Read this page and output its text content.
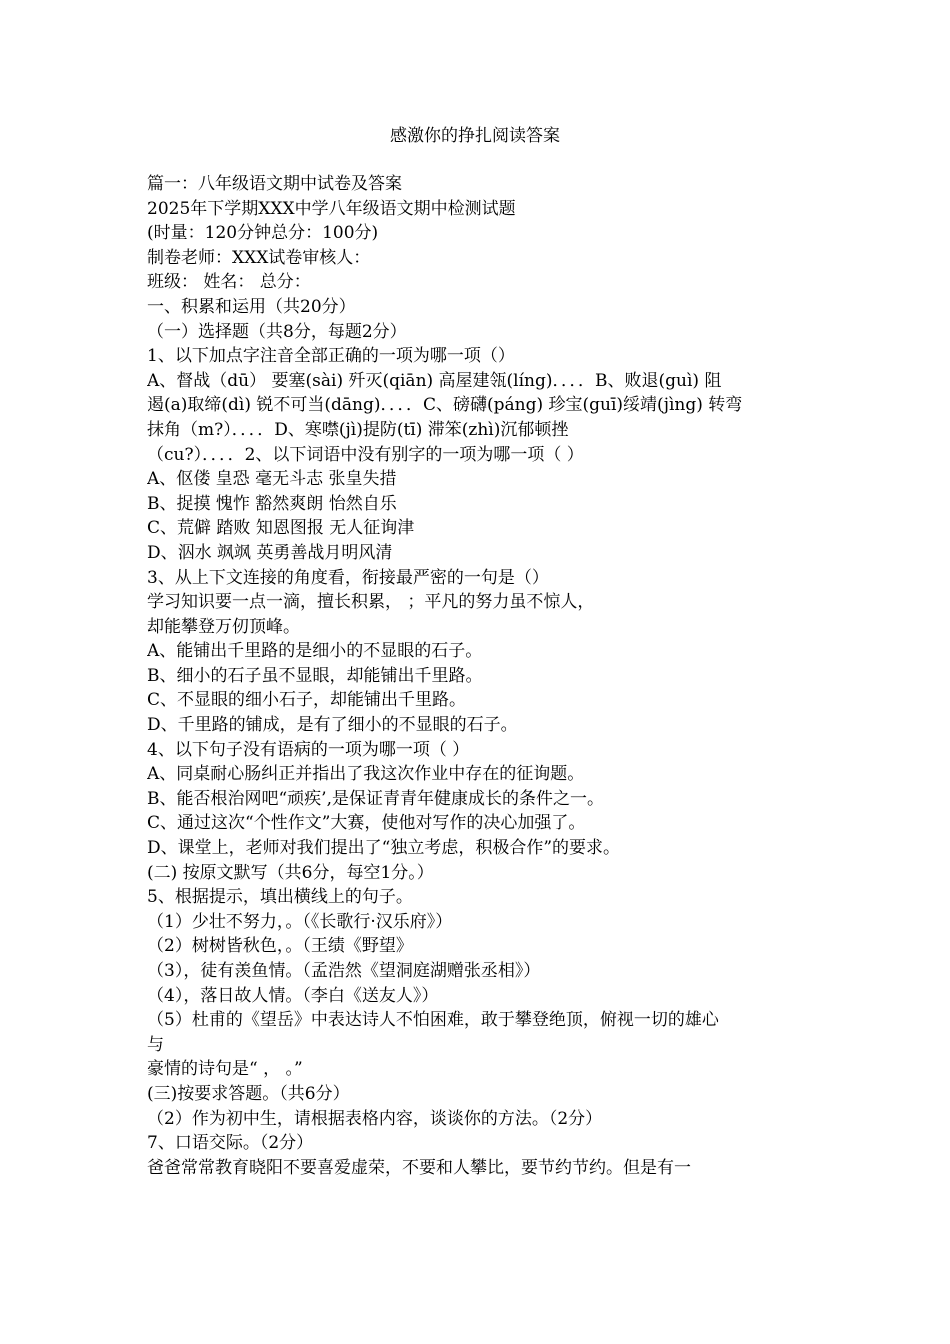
感激你的挣扎阅读答案

篇一：八年级语文期中试卷及答案

2025年下学期XXX中学八年级语文期中检测试题

(时量：120分钟总分：100分)

制卷老师：XXX试卷审核人：

班级： 姓名： 总分：

一、积累和运用（共20分）

（一）选择题（共8分，每题2分）

1、以下加点字注音全部正确的一项为哪一项（）

A、督战（dū） 要塞(sài) 歼灭(qiān) 高屋建瓴(líng)．．．．B、败退(guì) 阻

遏(a)取缔(dì) 锐不可当(dāng)．．．．C、磅礴(páng) 珍宝(guī)绥靖(jìng) 转弯

抹角（m?）．．．．D、寒噤(jì)提防(tī) 滞笨(zhì)沉郁顿挫

（cu?）．．．．2、以下词语中没有别字的一项为哪一项（ ）

A、伛偻 皇恐 毫无斗志 张皇失措

B、捉摸 愧怍 豁然爽朗 怡然自乐

C、荒僻 踏败 知恩图报 无人征询津

D、泅水 飒飒 英勇善战月明风清

3、从上下文连接的角度看，衔接最严密的一句是（）

学习知识要一点一滴，擅长积累， ；平凡的努力虽不惊人，

却能攀登万仞顶峰。

A、能铺出千里路的是细小的不显眼的石子。

B、细小的石子虽不显眼，却能铺出千里路。

C、不显眼的细小石子，却能铺出千里路。

D、千里路的铺成，是有了细小的不显眼的石子。

4、以下句子没有语病的一项为哪一项（ ）

A、同桌耐心肠纠正并指出了我这次作业中存在的征询题。

B、能否根治网吧“顽疾’,是保证青青年健康成长的条件之一。

C、通过这次“个性作文”大赛，使他对写作的决心加强了。

D、课堂上，老师对我们提出了“独立考虑，积极合作”的要求。

(二) 按原文默写（共6分，每空1分。）

5、根据提示，填出横线上的句子。

（1）少壮不努力，。（《长歌行·汉乐府》）

（2）树树皆秋色，。（王绩《野望》

（3），徒有羡鱼情。（孟浩然《望洞庭湖赠张丞相》）

（4），落日故人情。（李白《送友人》）

（5）杜甫的《望岳》中表达诗人不怕困难，敢于攀登绝顶，俯视一切的雄心

与

豪情的诗句是“ ， 。”

(三)按要求答题。（共6分）

（2）作为初中生，请根据表格内容，谈谈你的方法。（2分）

7、口语交际。（2分）

爸爸常常教育晓阳不要喜爱虚荣，不要和人攀比，要节约节约。但是有一
